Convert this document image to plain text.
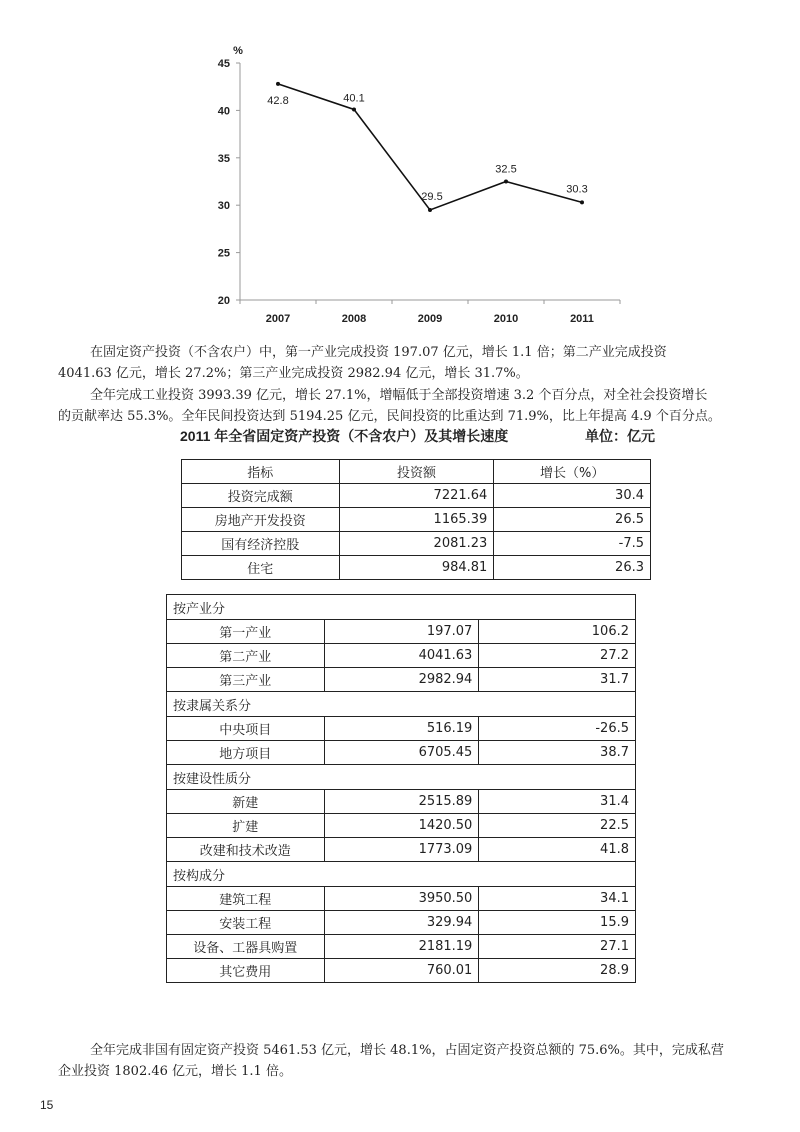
%
45
40
35
30
25
20
2007	2008	2009	2010	2011
42.8	40.1
29.5
32.5
30.3
在固定资产投资（不含农户）中，第一产业完成投资 197.07 亿元，增长 1.1 倍；第二产业完成投资
4041.63 亿元，增长 27.2%；第三产业完成投资 2982.94 亿元，增长 31.7%。
全年完成工业投资 3993.39 亿元，增长 27.1%，增幅低于全部投资增速 3.2 个百分点，对全社会投资增长
的贡献率达 55.3%。全年民间投资达到 5194.25 亿元，民间投资的比重达到 71.9%，比上年提高 4.9 个百分点。
2011 年全省固定资产投资（不含农户）及其增长速度	单位：亿元
指标	投资额	增长（%）
投资完成额	7221.64	30.4
房地产开发投资	1165.39	26.5
国有经济控股	2081.23	-7.5
住宅	984.81	26.3
按产业分		
第一产业	197.07	106.2
第二产业	4041.63	27.2
第三产业	2982.94	31.7
按隶属关系分		
中央项目	516.19	-26.5
地方项目	6705.45	38.7
按建设性质分		
新建	2515.89	31.4
扩建	1420.50	22.5
改建和技术改造	1773.09	41.8
按构成分		
建筑工程	3950.50	34.1
安装工程	329.94	15.9
设备、工器具购置	2181.19	27.1
其它费用	760.01	28.9
全年完成非国有固定资产投资 5461.53 亿元，增长 48.1%，占固定资产投资总额的 75.6%。其中，完成私营
企业投资 1802.46 亿元，增长 1.1 倍。
15
